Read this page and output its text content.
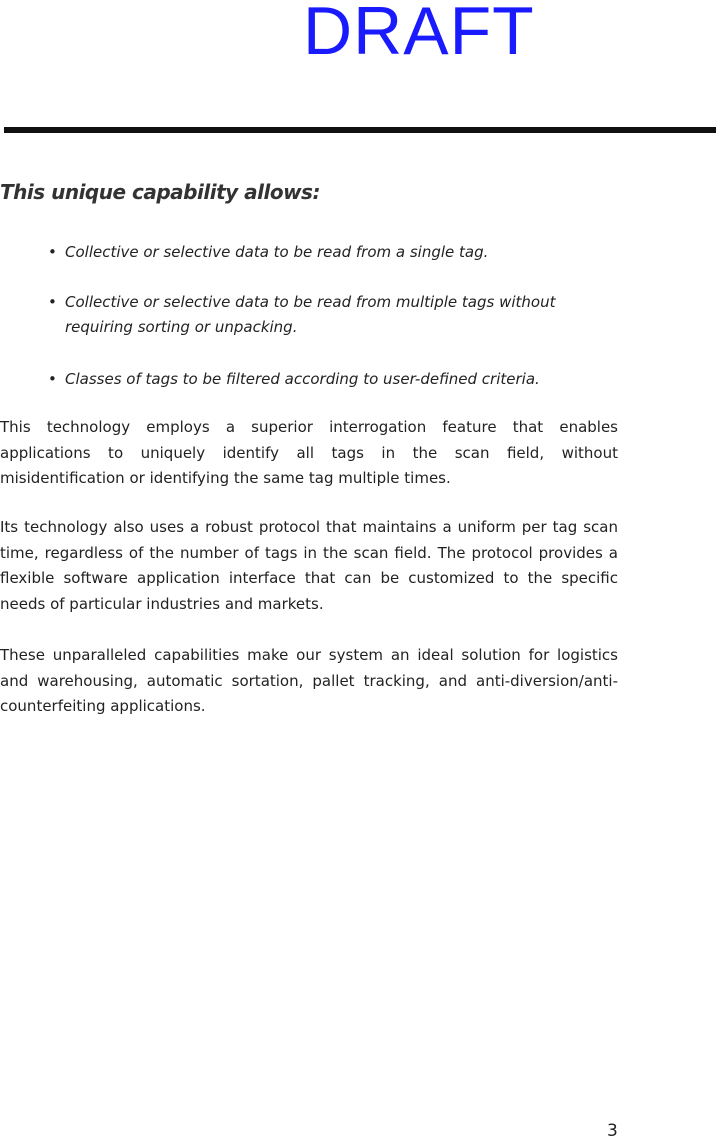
DRAFT
This unique capability allows:
• Collective or selective data to be read from a single tag.
• Collective or selective data to be read from multiple tags without requiring sorting or unpacking.
• Classes of tags to be filtered according to user-defined criteria.
This technology employs a superior interrogation feature that enables applications to uniquely identify all tags in the scan field, without misidentification or identifying the same tag multiple times.
Its technology also uses a robust protocol that maintains a uniform per tag scan time, regardless of the number of tags in the scan field. The protocol provides a flexible software application interface that can be customized to the specific needs of particular industries and markets.
These unparalleled capabilities make our system an ideal solution for logistics and warehousing, automatic sortation, pallet tracking, and anti-diversion/anti-counterfeiting applications.
3
